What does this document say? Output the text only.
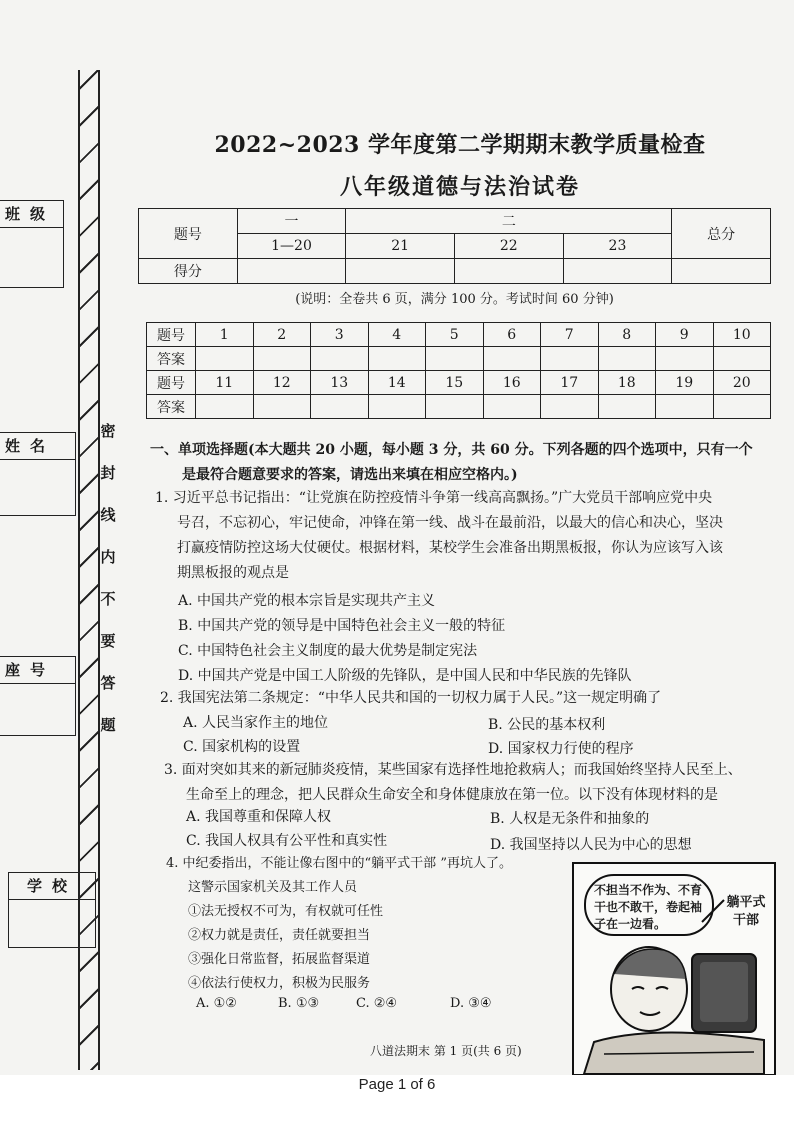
班级
姓名
座号
学校
密
封
线
内
不
要
答
题
2022~2023 学年度第二学期期末教学质量检查
八年级道德与法治试卷
题号	一	二			总分
	1—20	21	22	23	
得分					
(说明：全卷共 6 页，满分 100 分。考试时间 60 分钟)
题号	1	2	3	4	5	6	7	8	9	10
答案										
题号	11	12	13	14	15	16	17	18	19	20
答案										
一、单项选择题(本大题共 20 小题，每小题 3 分，共 60 分。下列各题的四个选项中，只有一个
是最符合题意要求的答案，请选出来填在相应空格内。)
1. 习近平总书记指出：“让党旗在防控疫情斗争第一线高高飘扬。”广大党员干部响应党中央
号召，不忘初心，牢记使命，冲锋在第一线、战斗在最前沿，以最大的信心和决心，坚决
打赢疫情防控这场大仗硬仗。根据材料，某校学生会准备出期黑板报，你认为应该写入该
期黑板报的观点是
A. 中国共产党的根本宗旨是实现共产主义
B. 中国共产党的领导是中国特色社会主义一般的特征
C. 中国特色社会主义制度的最大优势是制定宪法
D. 中国共产党是中国工人阶级的先锋队，是中国人民和中华民族的先锋队
2. 我国宪法第二条规定：“中华人民共和国的一切权力属于人民。”这一规定明确了
A. 人民当家作主的地位	B. 公民的基本权利
C. 国家机构的设置	D. 国家权力行使的程序
3. 面对突如其来的新冠肺炎疫情，某些国家有选择性地抢救病人；而我国始终坚持人民至上、
生命至上的理念，把人民群众生命安全和身体健康放在第一位。以下没有体现材料的是
A. 我国尊重和保障人权	B. 人权是无条件和抽象的
C. 我国人权具有公平性和真实性	D. 我国坚持以人民为中心的思想
4. 中纪委指出，不能让像右图中的“躺平式干部 ”再坑人了。
这警示国家机关及其工作人员
①法无授权不可为，有权就可任性
②权力就是责任，责任就要担当
③强化日常监督，拓展监督渠道
④依法行使权力，积极为民服务
A. ①②	B. ①③	C. ②④	D. ③④
不担当不作为、不育干也不敢干，卷起袖子在一边看。
躺平式干部
八道法期末 第 1 页(共 6 页)
Page 1 of 6
